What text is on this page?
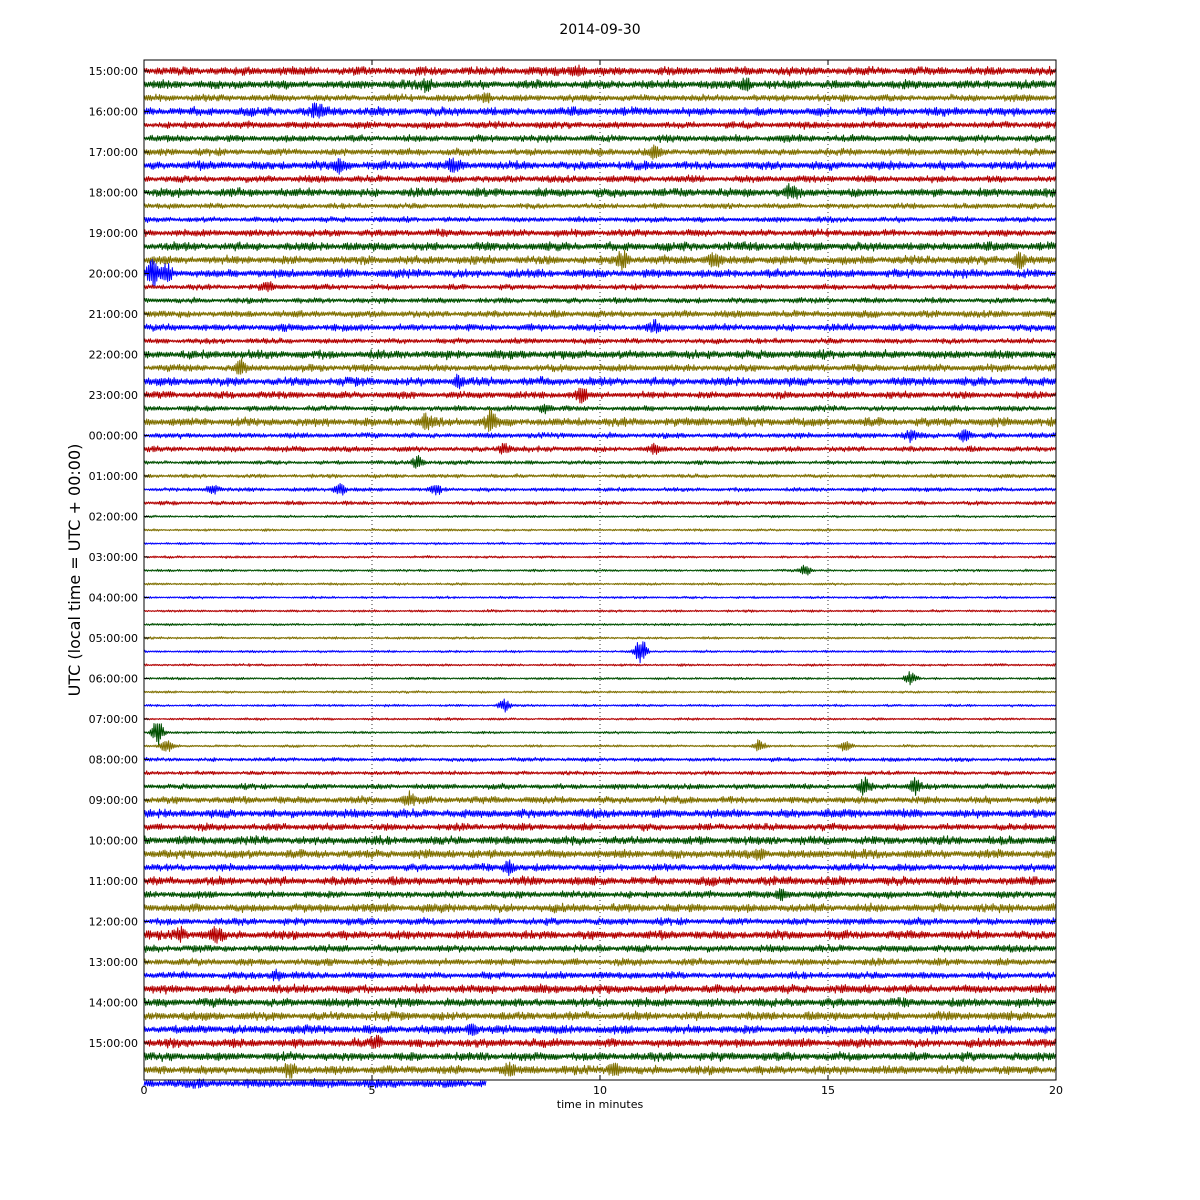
2014-09-30
0	5	10	15	20
15:00:00
16:00:00
17:00:00
18:00:00
19:00:00
20:00:00
21:00:00
22:00:00
23:00:00
00:00:00
01:00:00
02:00:00
03:00:00
04:00:00
05:00:00
06:00:00
07:00:00
08:00:00
09:00:00
10:00:00
11:00:00
12:00:00
13:00:00
14:00:00
15:00:00
time in minutes
UTC (local time = UTC + 00:00)
